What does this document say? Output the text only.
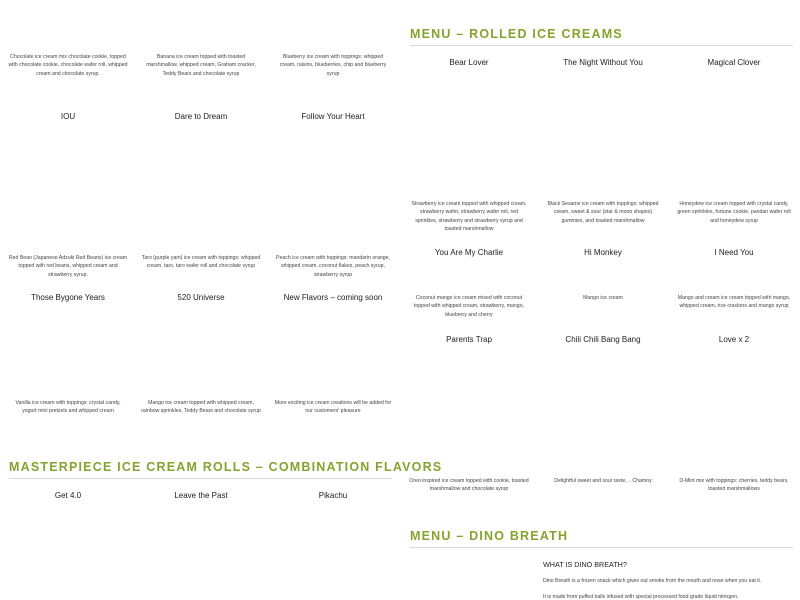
Chocolate ice cream mix chocolate cookie, topped with chocolate cookie, chocolate wafer roll, whipped cream and chocolate syrup.
Banana ice cream topped with toasted marshmallow, whipped cream, Graham cracker, Teddy Bears and chocolate syrup
Blueberry ice cream with toppings: whipped cream, raisins, blueberries, chip and blueberry syrup
IOU	Dare to Dream	Follow Your Heart
Red Bean (Japanese Adzuki Red Beans) ice cream topped with red beans, whipped cream and strawberry syrup.
Taro (purple yam) ice cream with toppings: whipped cream, taro, taro wafer roll and chocolate syrup
Peach ice cream with toppings: mandarin orange, whipped cream, coconut flakes, peach syrup, strawberry syrup
Those Bygone Years	520 Universe	New Flavors – coming soon
Vanilla ice cream with toppings: crystal candy, yogurt mini pretzels and whipped cream
Mango ice cream topped with whipped cream, rainbow sprinkles, Teddy Bears and chocolate syrup
More exciting ice cream creations will be added for our customers' pleasure
MASTERPIECE ICE CREAM ROLLS – COMBINATION FLAVORS
Get 4.0	Leave the Past	Pikachu
MENU – ROLLED ICE CREAMS
Bear Lover	The Night Without You	Magical Clover
Strawberry ice cream topped with whipped cream, strawberry wafer, strawberry wafer roll, red sprinkles, strawberry and strawberry syrup and toasted marshmallow
Black Sesame ice cream with toppings: whipped cream, sweet & sour (star & moon shapes) gummies, and toasted marshmallow
Honeydew ice cream topped with crystal candy, green sprinkles, fortune cookie, pandan wafer roll and honeydew syrup
You Are My Charlie	Hi Monkey	I Need You
Coconut mango ice cream mixed with coconut topped with whipped cream, strawberry, mango, blueberry and cherry
Mango ice cream	Mango and cream ice cream topped with mango, whipped cream, rice crackers and mango syrup
Parents Trap	Chili Chili Bang Bang	Love x 2
Oreo inspired ice cream topped with cookie, toasted marshmallow and chocolate syrup
Delightful sweet and sour taste, .. Chamoy	D-Mint mix with toppings: cherries, teddy bears, toasted marshmallows
MENU – DINO BREATH
WHAT IS DINO BREATH?
Dino Breath is a frozen snack which gives out smoke from the mouth and nose when you eat it.
It is made from puffed balls infused with special processed food grade liquid nitrogen.
